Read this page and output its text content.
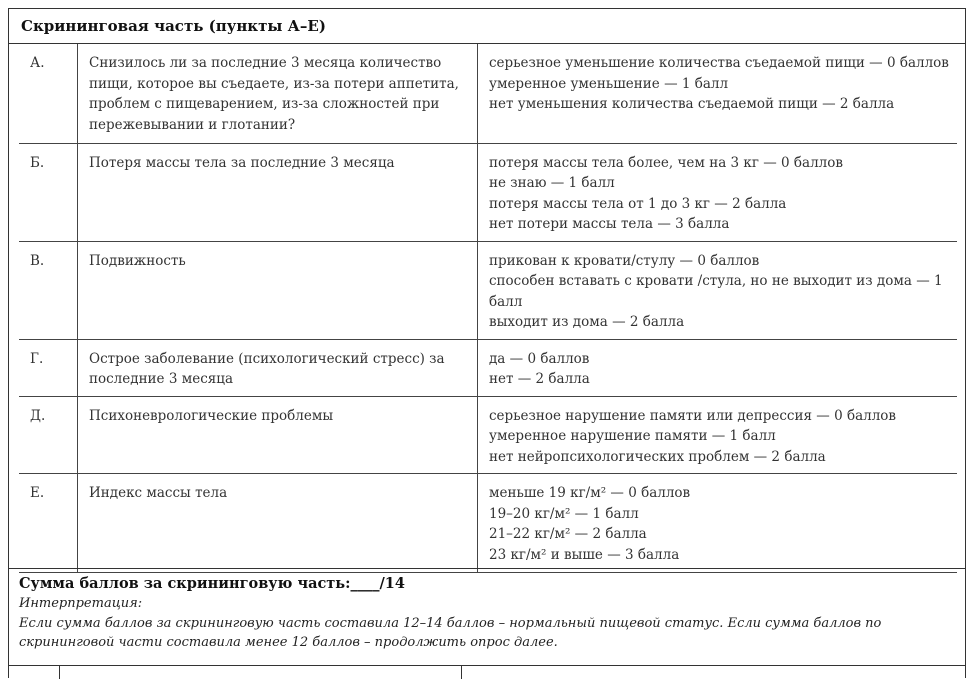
Скрининговая часть (пункты А–Е)
А.	Снизилось ли за последние 3 месяца количество пищи, которое вы съедаете, из-за потери аппетита, проблем с пищеварением, из-за сложностей при пережевывании и глотании?	серьезное уменьшение количества съедаемой пищи — 0 баллов
умеренное уменьшение — 1 балл
нет уменьшения количества съедаемой пищи — 2 балла

Б.	Потеря массы тела за последние 3 месяца	потеря массы тела более, чем на 3 кг — 0 баллов
не знаю — 1 балл
потеря массы тела от 1 до 3 кг — 2 балла
нет потери массы тела — 3 балла

В.	Подвижность	прикован к кровати/стулу — 0 баллов
способен вставать с кровати /стула, но не выходит из дома — 1 балл
выходит из дома — 2 балла

Г.	Острое заболевание (психологический стресс) за последние 3 месяца	да — 0 баллов
нет — 2 балла

Д.	Психоневрологические проблемы	серьезное нарушение памяти или депрессия — 0 баллов
умеренное нарушение памяти — 1 балл
нет нейропсихологических проблем — 2 балла

Е.	Индекс массы тела	меньше 19 кг/м² — 0 баллов
19–20 кг/м² — 1 балл
21–22 кг/м² — 2 балла
23 кг/м² и выше — 3 балла
Сумма баллов за скрининговую часть:____/14
Интерпретация:
Если сумма баллов за скрининговую часть составила 12–14 баллов – нормальный пищевой статус. Если сумма баллов по скрининговой части составила менее 12 баллов – продолжить опрос далее.
